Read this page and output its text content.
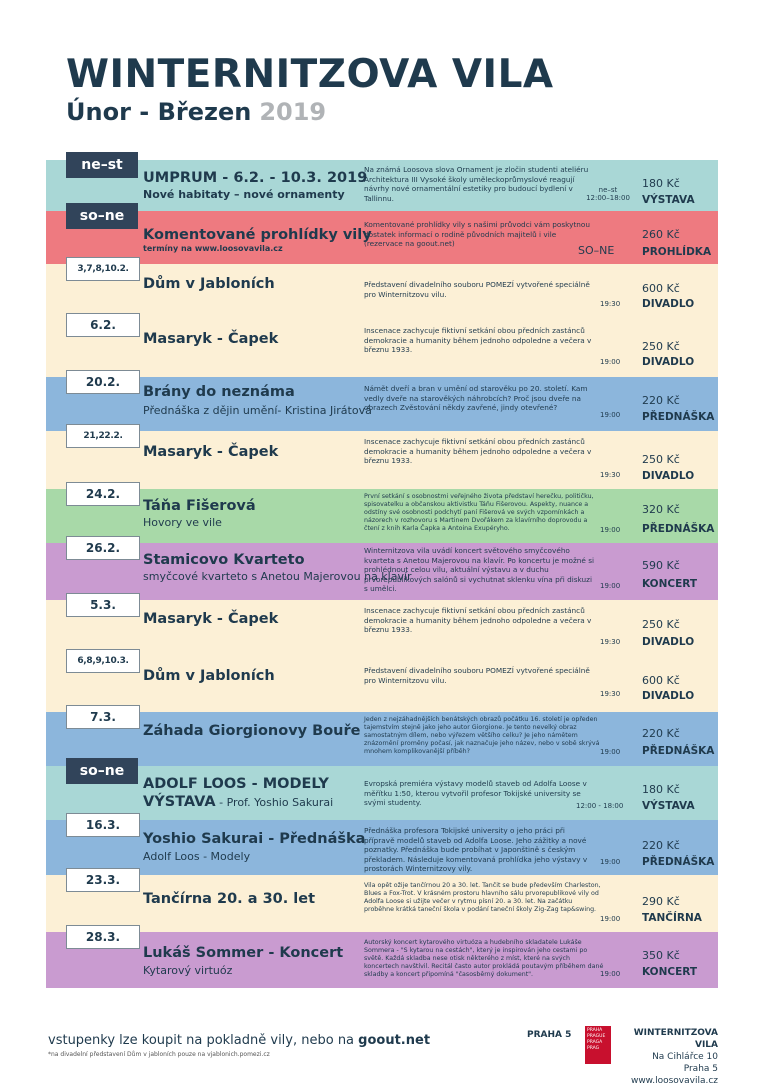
WINTERNITZOVA VILA
Únor - Březen 2019
ne–st
UMPRUM - 6.2. - 10.3. 2019
Nové habitaty – nové ornamenty
Na známá Loosova slova Ornament je zločin studenti ateliéru Architektura III Vysoké školy uměleckoprůmyslové reagují návrhy nové ornamentální estetiky pro budoucí bydlení v Tallinnu.
ne–st 12:00–18:00
180 Kč
VÝSTAVA
so–ne
Komentované prohlídky vily
termíny na www.loosovavila.cz
Komentované prohlídky vily s našimi průvodci vám poskytnou dostatek informací o rodině původních majitelů i vile (rezervace na goout.net)
SO–NE
260 Kč
PROHLÍDKA
3,7,8,10.2.
Dům v Jabloních	Představení divadelního souboru POMEZÍ vytvořené speciálně pro Winternitzovu vilu.
19:30
600 Kč
DIVADLO
6.2.
Masaryk - Čapek
Inscenace zachycuje fiktivní setkání obou předních zastánců demokracie a humanity během jednoho odpoledne a večera v březnu 1933.
19:00
250 Kč
DIVADLO
20.2.
Brány do neznáma
Přednáška z dějin umění- Kristina Jirátová
Námět dveří a bran v umění od starověku po 20. století. Kam vedly dveře na starověkých náhrobcích? Proč jsou dveře na obrazech Zvěstování někdy zavřené, jindy otevřené?
19:00
220 Kč
PŘEDNÁŠKA
21,22.2.
Masaryk - Čapek
Inscenace zachycuje fiktivní setkání obou předních zastánců demokracie a humanity během jednoho odpoledne a večera v březnu 1933.
19:30
250 Kč
DIVADLO
24.2.
Táňa Fišerová
Hovory ve vile
První setkání s osobnostmi veřejného života představí herečku, političku, spisovatelku a občanskou aktivistku Táňu Fišerovou. Aspekty, nuance a odstíny své osobnosti podchytí paní Fišerová ve svých vzpomínkách a názorech v rozhovoru s Martinem Dvořákem za klavírního doprovodu a čtení z knih Karla Čapka a Antoina Exupéryho.	19:00
320 Kč
PŘEDNÁŠKA
26.2.
Stamicovo Kvarteto
smyčcové kvarteto s Anetou Majerovou na klavír
Winternitzova vila uvádí koncert světového smyčcového kvarteta s Anetou Majerovou na klavír. Po koncertu je možné si prohlédnout celou vilu, aktuální výstavu a v duchu prvorepublikových salónů si vychutnat sklenku vína při diskuzi s umělci.	19:00
590 Kč
KONCERT
5.3.
Masaryk - Čapek
Inscenace zachycuje fiktivní setkání obou předních zastánců demokracie a humanity během jednoho odpoledne a večera v březnu 1933.
19:30
250 Kč
DIVADLO
6,8,9,10.3.
Dům v Jabloních	Představení divadelního souboru POMEZÍ vytvořené speciálně pro Winternitzovu vilu.
19:30
600 Kč
DIVADLO
7.3.
Záhada Giorgionovy Bouře
Jeden z nejzáhadnějších benátských obrazů počátku 16. století je opředen tajemstvím stejně jako jeho autor Giorgione. Je tento nevelký obraz samostatným dílem, nebo výřezem většího celku? Je jeho námětem znázornění proměny počasí, jak naznačuje jeho název, nebo v sobě skrývá mnohem komplikovanější příběh?	19:00
220 Kč
PŘEDNÁŠKA
so–ne
ADOLF LOOS - MODELY
VÝSTAVA - Prof. Yoshio Sakurai
Evropská premiéra výstavy modelů staveb od Adolfa Loose v měřítku 1:50, kterou vytvořil profesor Tokijské university se svými studenty.	12:00 - 18:00
180 Kč
VÝSTAVA
16.3.
Yoshio Sakurai - Přednáška
Adolf Loos - Modely
Přednáška profesora Tokijské university o jeho práci při přípravě modelů staveb od Adolfa Loose. Jeho zážitky a nové poznatky. Přednáška bude probíhat v Japonštině s českým překladem. Následuje komentovaná prohlídka jeho výstavy v prostorách Winternitzovy vily.
19:00
220 Kč
PŘEDNÁŠKA
23.3.
Tančírna 20. a 30. let
Vila opět ožije tančírnou 20 a 30. let. Tančit se bude především Charleston, Blues a Fox-Trot. V krásném prostoru hlavního sálu prvorepublikové vily od Adolfa Loose si užijte večer v rytmu písní 20. a 30. let. Na začátku proběhne krátká taneční škola v podání taneční školy Zig-Zag tap&swing.
19:00
290 Kč
TANČÍRNA
28.3.
Lukáš Sommer - Koncert
Kytarový virtuóz
Autorský koncert kytarového virtuóza a hudebního skladatele Lukáše Sommera - "S kytarou na cestách", který je inspirován jeho cestami po světě. Každá skladba nese otisk některého z míst, které na svých koncertech navštívil. Recitál často autor prokládá poutavým příběhem dané skladby a koncert připomíná "časosběrný dokument".	19:00
350 Kč
KONCERT
vstupenky lze koupit na pokladně vily, nebo na goout.net
*na divadelní představení Dům v jabloních pouze na vjablonich.pomezi.cz
PRAHA 5	PRAHA PRAGUE PRAGA PRAG
WINTERNITZOVA VILA
Na Cihlářce 10
Praha 5
www.loosovavila.cz
